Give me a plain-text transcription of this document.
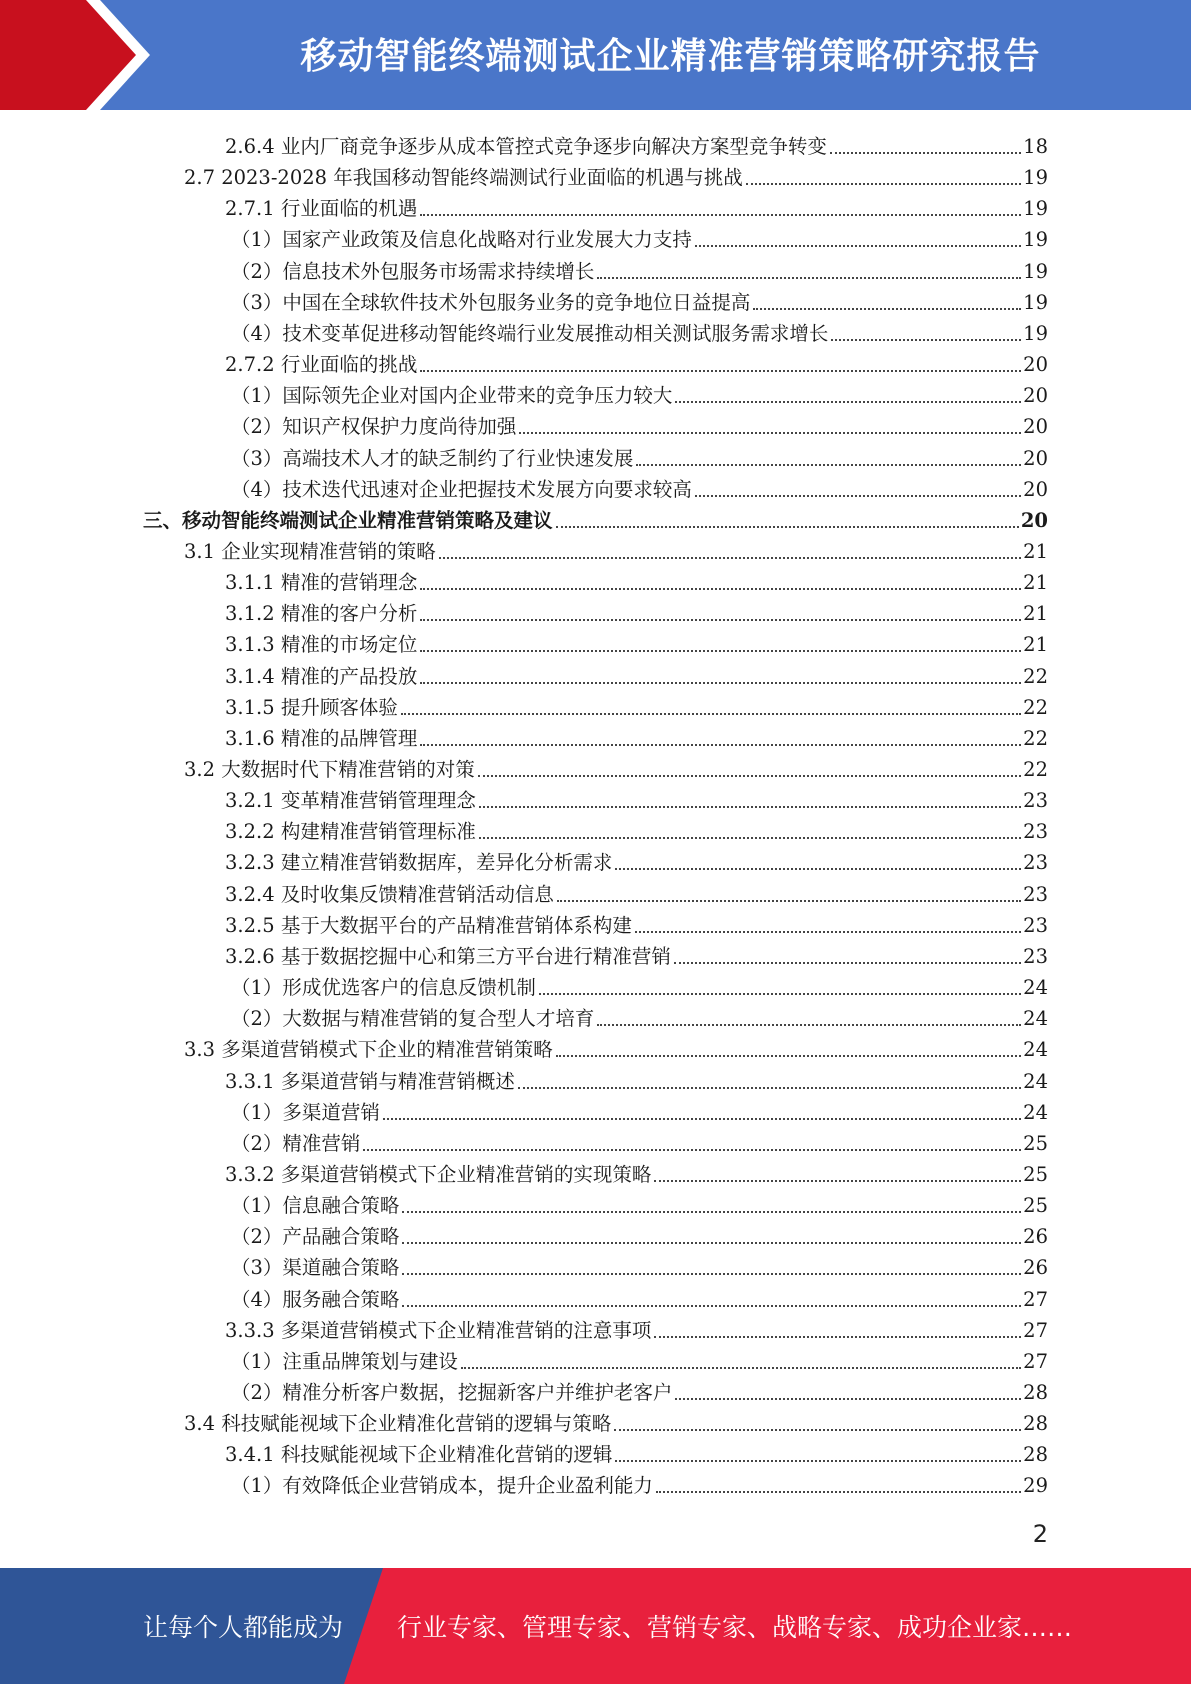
移动智能终端测试企业精准营销策略研究报告
2.6.4 业内厂商竞争逐步从成本管控式竞争逐步向解决方案型竞争转变	18
2.7 2023-2028 年我国移动智能终端测试行业面临的机遇与挑战	19
2.7.1 行业面临的机遇	19
（1）国家产业政策及信息化战略对行业发展大力支持	19
（2）信息技术外包服务市场需求持续增长	19
（3）中国在全球软件技术外包服务业务的竞争地位日益提高	19
（4）技术变革促进移动智能终端行业发展推动相关测试服务需求增长	19
2.7.2 行业面临的挑战	20
（1）国际领先企业对国内企业带来的竞争压力较大	20
（2）知识产权保护力度尚待加强	20
（3）高端技术人才的缺乏制约了行业快速发展	20
（4）技术迭代迅速对企业把握技术发展方向要求较高	20
三、移动智能终端测试企业精准营销策略及建议	20
3.1 企业实现精准营销的策略	21
3.1.1 精准的营销理念	21
3.1.2 精准的客户分析	21
3.1.3 精准的市场定位	21
3.1.4 精准的产品投放	22
3.1.5 提升顾客体验	22
3.1.6 精准的品牌管理	22
3.2 大数据时代下精准营销的对策	22
3.2.1 变革精准营销管理理念	23
3.2.2 构建精准营销管理标准	23
3.2.3 建立精准营销数据库，差异化分析需求	23
3.2.4 及时收集反馈精准营销活动信息	23
3.2.5 基于大数据平台的产品精准营销体系构建	23
3.2.6 基于数据挖掘中心和第三方平台进行精准营销	23
（1）形成优选客户的信息反馈机制	24
（2）大数据与精准营销的复合型人才培育	24
3.3 多渠道营销模式下企业的精准营销策略	24
3.3.1 多渠道营销与精准营销概述	24
（1）多渠道营销	24
（2）精准营销	25
3.3.2 多渠道营销模式下企业精准营销的实现策略	25
（1）信息融合策略	25
（2）产品融合策略	26
（3）渠道融合策略	26
（4）服务融合策略	27
3.3.3 多渠道营销模式下企业精准营销的注意事项	27
（1）注重品牌策划与建设	27
（2）精准分析客户数据，挖掘新客户并维护老客户	28
3.4 科技赋能视域下企业精准化营销的逻辑与策略	28
3.4.1 科技赋能视域下企业精准化营销的逻辑	28
（1）有效降低企业营销成本，提升企业盈利能力	29
2
让每个人都能成为 行业专家、管理专家、营销专家、战略专家、成功企业家……
